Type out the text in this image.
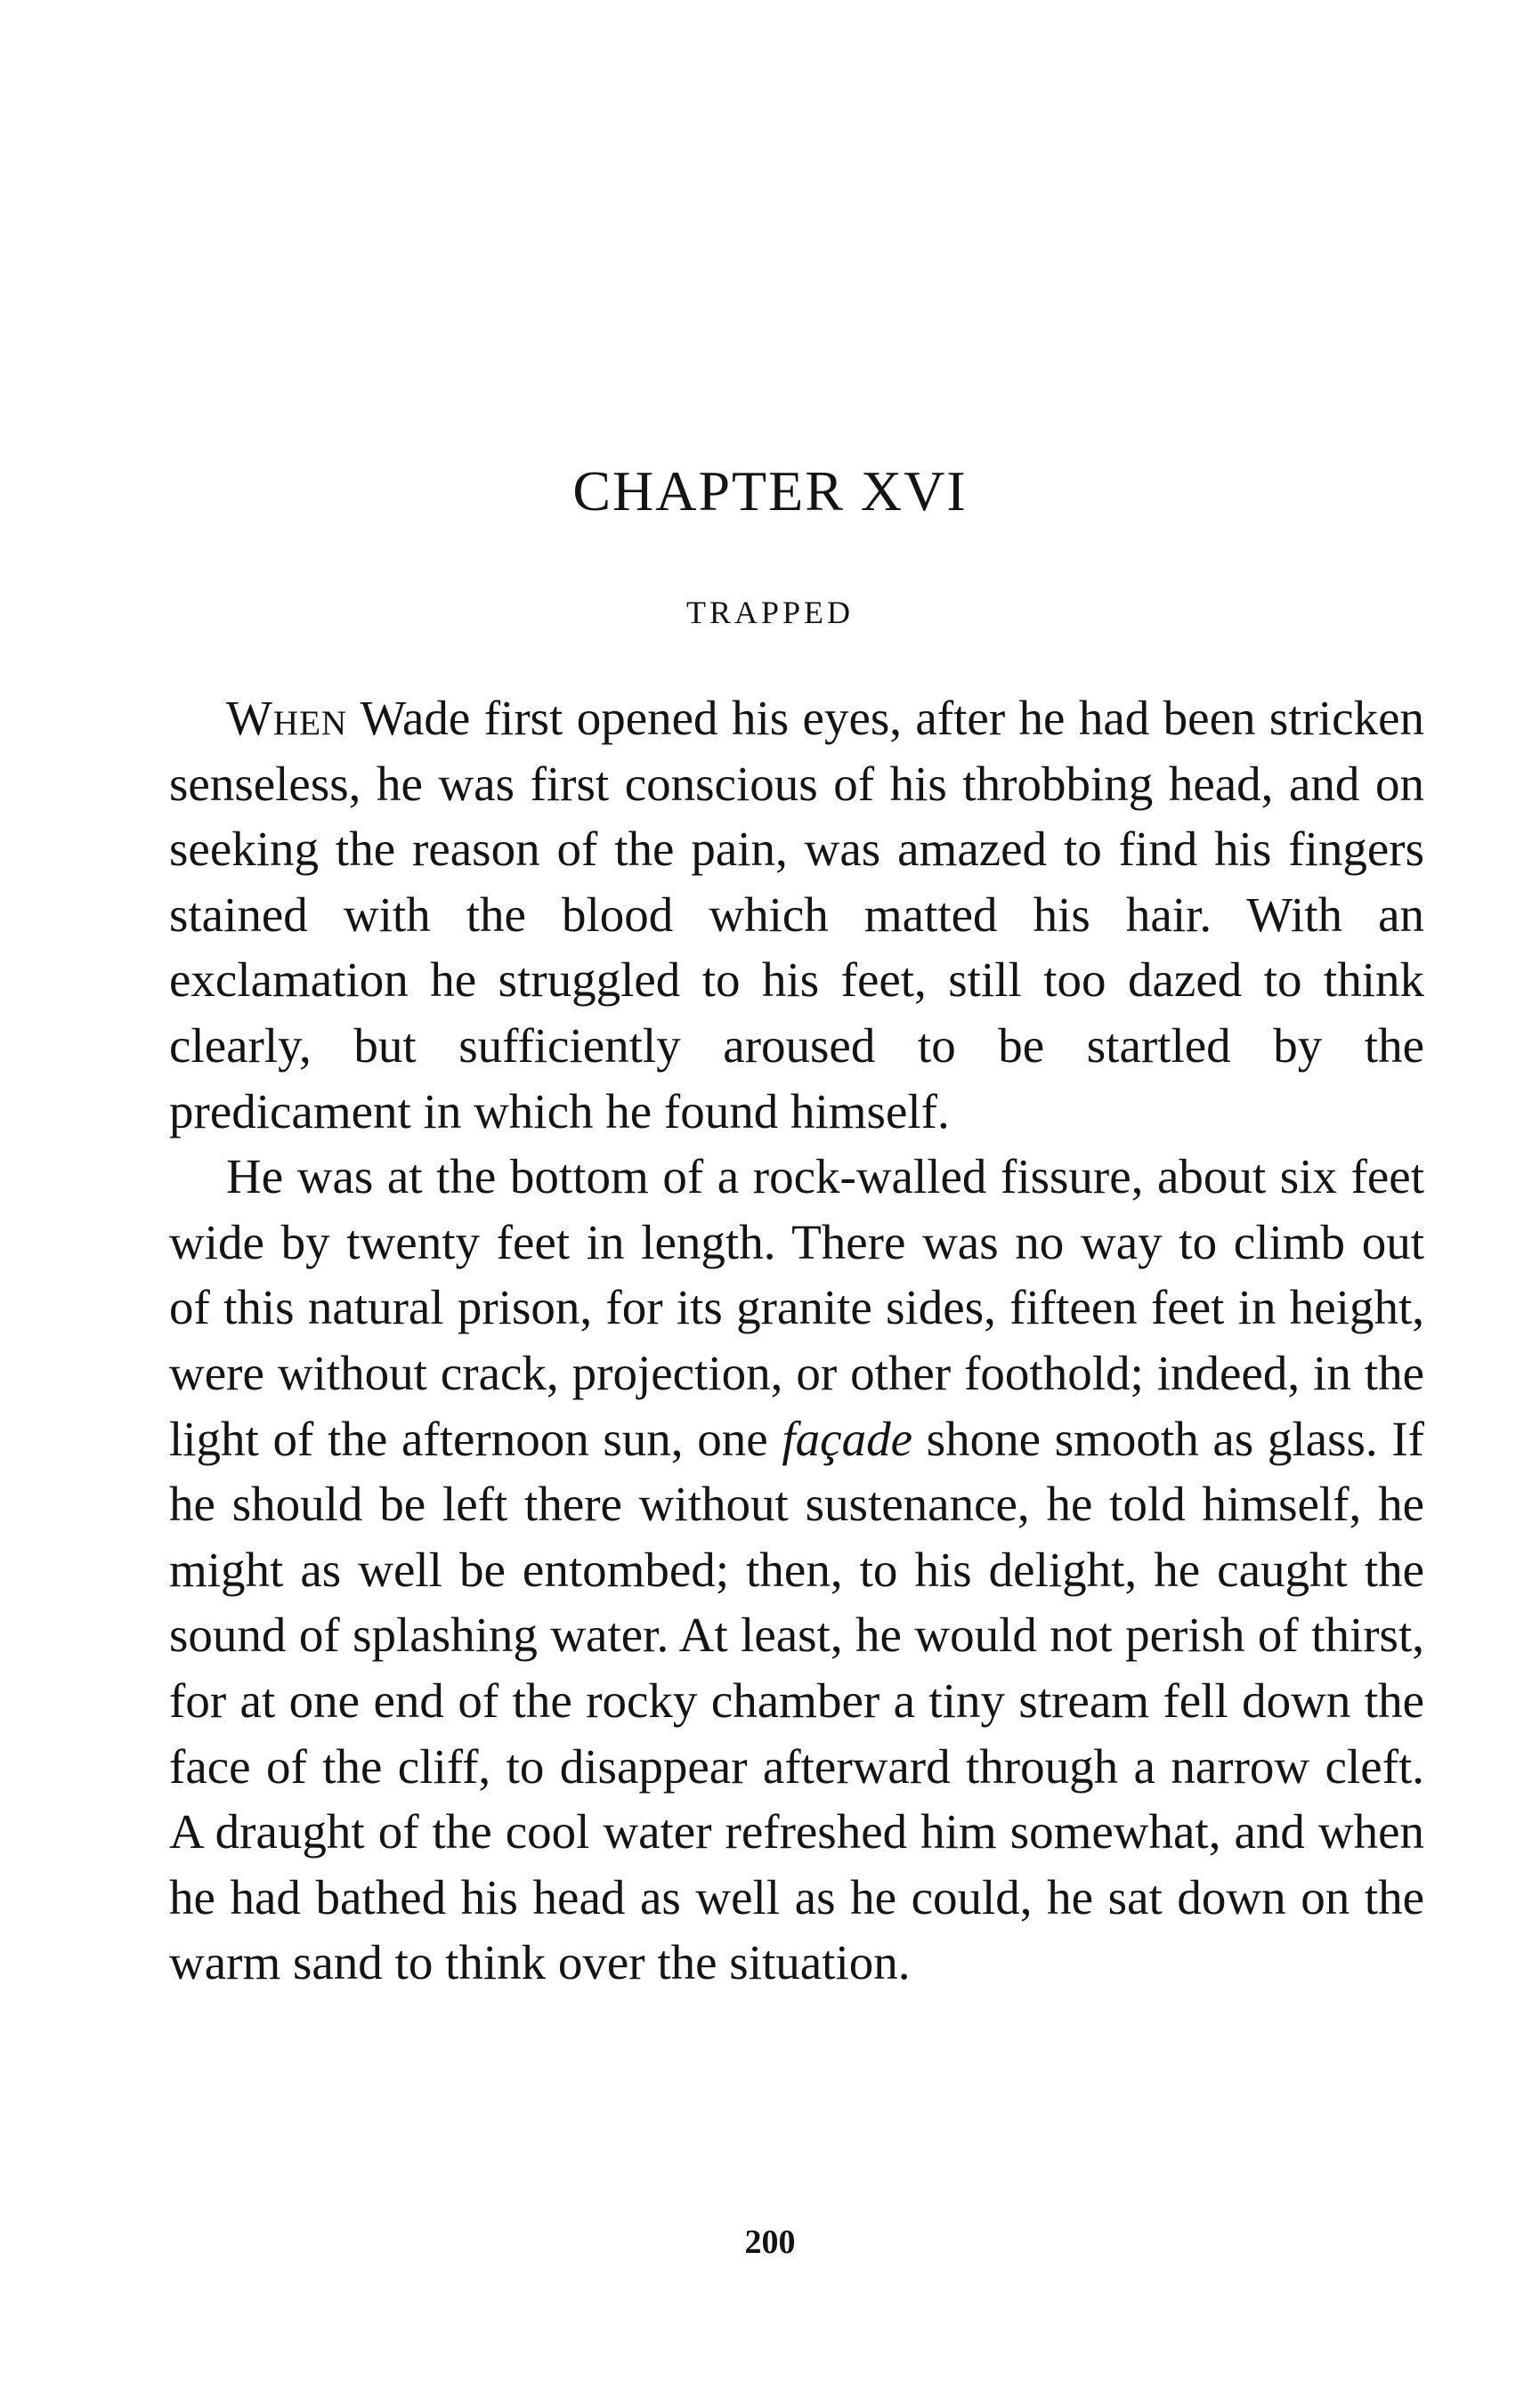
CHAPTER XVI
TRAPPED

When Wade first opened his eyes, after he had been stricken senseless, he was first conscious of his throbbing head, and on seeking the reason of the pain, was amazed to find his fingers stained with the blood which matted his hair. With an exclamation he struggled to his feet, still too dazed to think clearly, but sufficiently aroused to be startled by the predicament in which he found himself.

He was at the bottom of a rock-walled fissure, about six feet wide by twenty feet in length. There was no way to climb out of this natural prison, for its granite sides, fifteen feet in height, were without crack, projection, or other foothold; indeed, in the light of the afternoon sun, one façade shone smooth as glass. If he should be left there without sustenance, he told himself, he might as well be entombed; then, to his delight, he caught the sound of splashing water. At least, he would not perish of thirst, for at one end of the rocky chamber a tiny stream fell down the face of the cliff, to disappear afterward through a narrow cleft. A draught of the cool water refreshed him somewhat, and when he had bathed his head as well as he could, he sat down on the warm sand to think over the situation.

200
